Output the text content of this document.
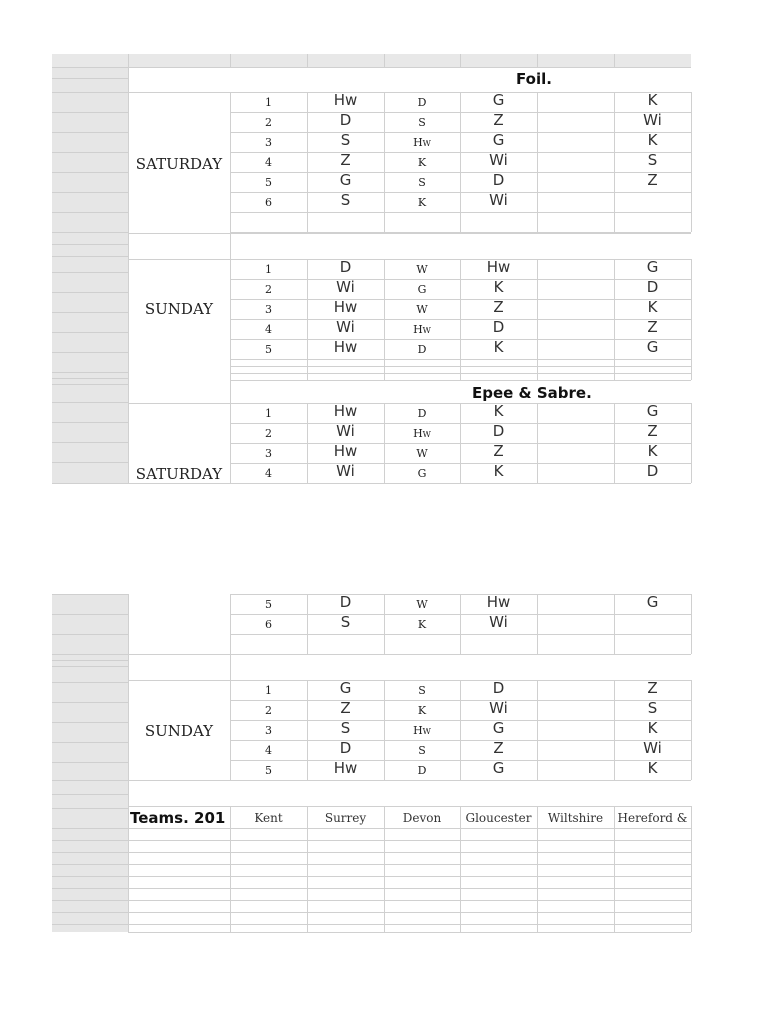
Foil.
SATURDAY
1	Hw	D	G	K
2	D	S	Z	Wi
3	S	Hw	G	K
4	Z	K	Wi	S
5	G	S	D	Z
6	S	K	Wi
SUNDAY
1	D	W	Hw	G
2	Wi	G	K	D
3	Hw	W	Z	K
4	Wi	Hw	D	Z
5	Hw	D	K	G
Epee & Sabre.
SATURDAY
1	Hw	D	K	G
2	Wi	Hw	D	Z
3	Hw	W	Z	K
4	Wi	G	K	D
5	D	W	Hw	G
6	S	K	Wi
SUNDAY
1	G	S	D	Z
2	Z	K	Wi	S
3	S	Hw	G	K
4	D	S	Z	Wi
5	Hw	D	G	K
Teams. 201	Kent	Surrey	Devon	Gloucester	Wiltshire	Hereford &
